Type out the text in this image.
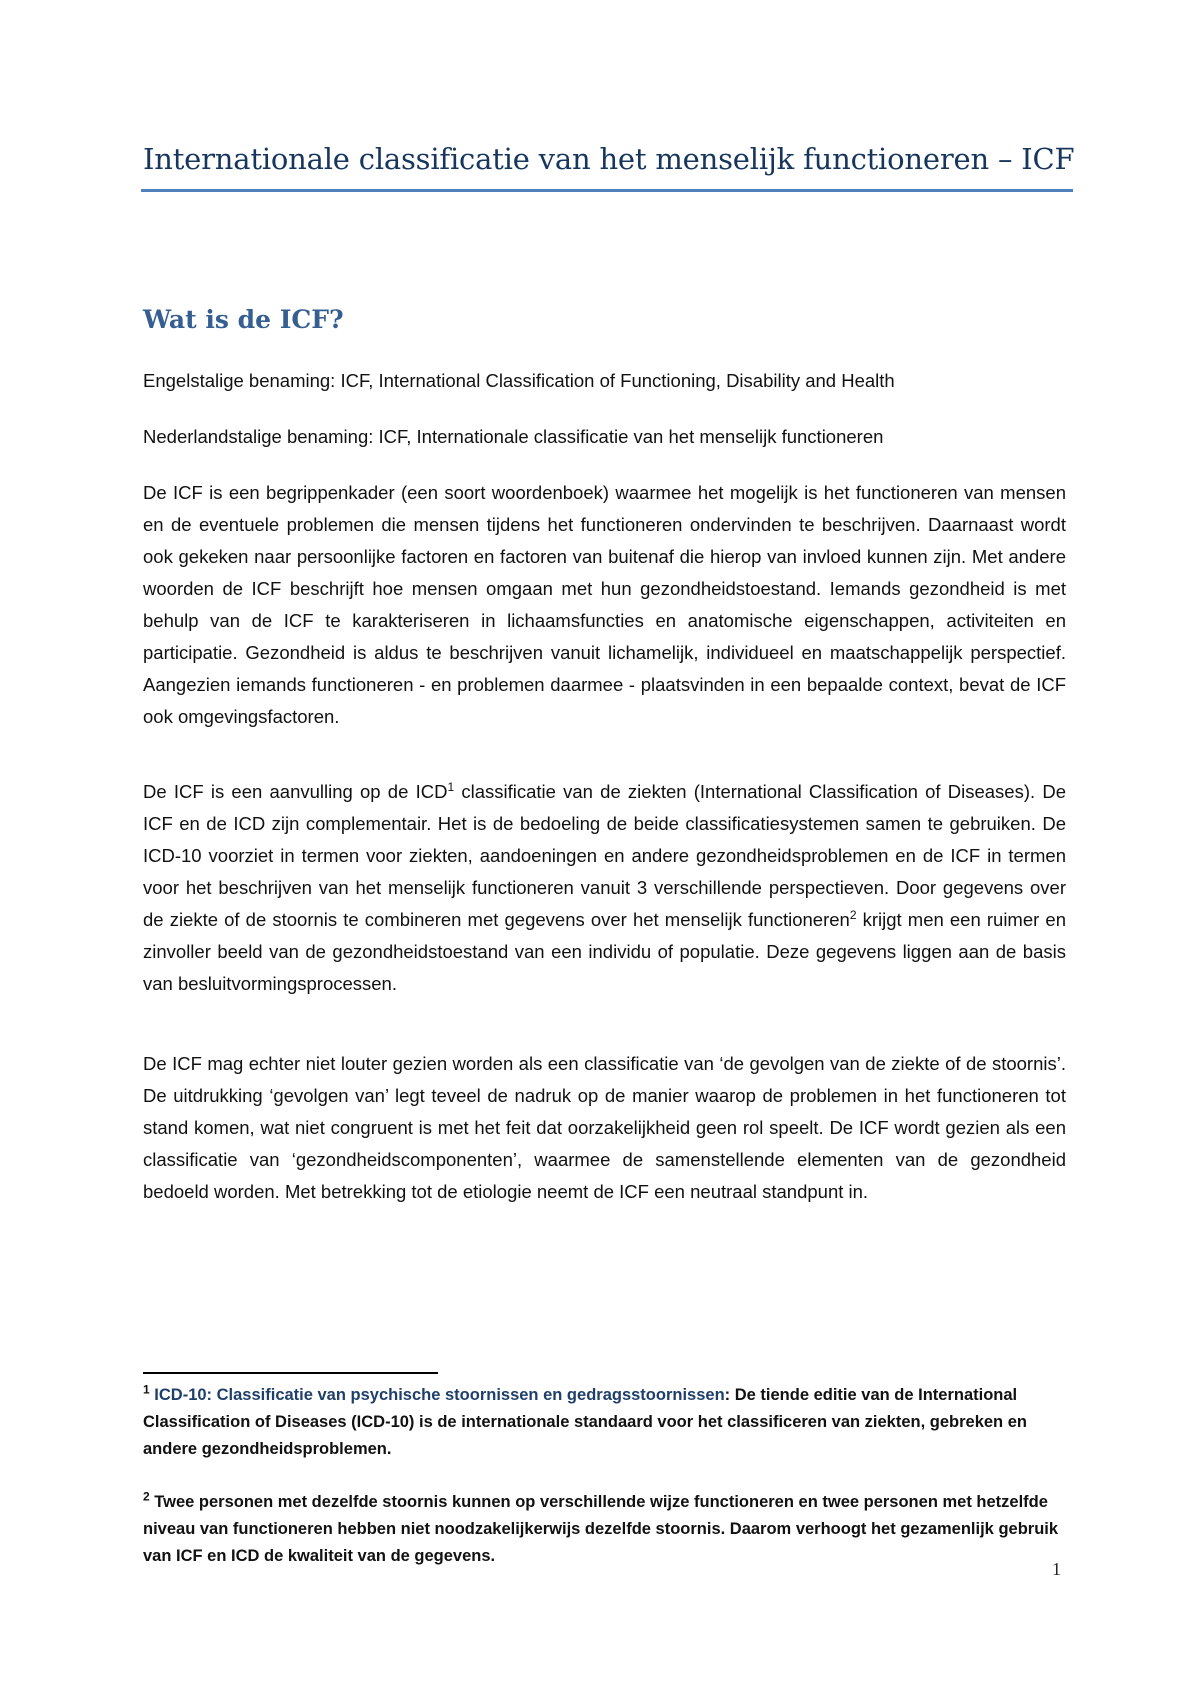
Internationale classificatie van het menselijk functioneren – ICF
Wat is de ICF?

Engelstalige benaming: ICF, International Classification of Functioning, Disability and Health

Nederlandstalige benaming: ICF, Internationale classificatie van het menselijk functioneren

De ICF is een begrippenkader (een soort woordenboek) waarmee het mogelijk is het functioneren van mensen en de eventuele problemen die mensen tijdens het functioneren ondervinden te beschrijven. Daarnaast wordt ook gekeken naar persoonlijke factoren en factoren van buitenaf die hierop van invloed kunnen zijn. Met andere woorden de ICF beschrijft hoe mensen omgaan met hun gezondheidstoestand. Iemands gezondheid is met behulp van de ICF te karakteriseren in lichaamsfuncties en anatomische eigenschappen, activiteiten en participatie. Gezondheid is aldus te beschrijven vanuit lichamelijk, individueel en maatschappelijk perspectief. Aangezien iemands functioneren - en problemen daarmee - plaatsvinden in een bepaalde context, bevat de ICF ook omgevingsfactoren.

De ICF is een aanvulling op de ICD$^1$ classificatie van de ziekten (International Classification of Diseases). De ICF en de ICD zijn complementair. Het is de bedoeling de beide classificatiesystemen samen te gebruiken. De ICD-10 voorziet in termen voor ziekten, aandoeningen en andere gezondheidsproblemen en de ICF in termen voor het beschrijven van het menselijk functioneren vanuit 3 verschillende perspectieven. Door gegevens over de ziekte of de stoornis te combineren met gegevens over het menselijk functioneren$^2$ krijgt men een ruimer en zinvoller beeld van de gezondheidstoestand van een individu of populatie. Deze gegevens liggen aan de basis van besluitvormingsprocessen.

De ICF mag echter niet louter gezien worden als een classificatie van ‘de gevolgen van de ziekte of de stoornis’. De uitdrukking ‘gevolgen van’ legt teveel de nadruk op de manier waarop de problemen in het functioneren tot stand komen, wat niet congruent is met het feit dat oorzakelijkheid geen rol speelt. De ICF wordt gezien als een classificatie van ‘gezondheidscomponenten’, waarmee de samenstellende elementen van de gezondheid bedoeld worden. Met betrekking tot de etiologie neemt de ICF een neutraal standpunt in.

$^1$ ICD-10: Classificatie van psychische stoornissen en gedragsstoornissen: De tiende editie van de International Classification of Diseases (ICD-10) is de internationale standaard voor het classificeren van ziekten, gebreken en andere gezondheidsproblemen.

$^2$ Twee personen met dezelfde stoornis kunnen op verschillende wijze functioneren en twee personen met hetzelfde niveau van functioneren hebben niet noodzakelijkerwijs dezelfde stoornis. Daarom verhoogt het gezamenlijk gebruik van ICF en ICD de kwaliteit van de gegevens.

1
